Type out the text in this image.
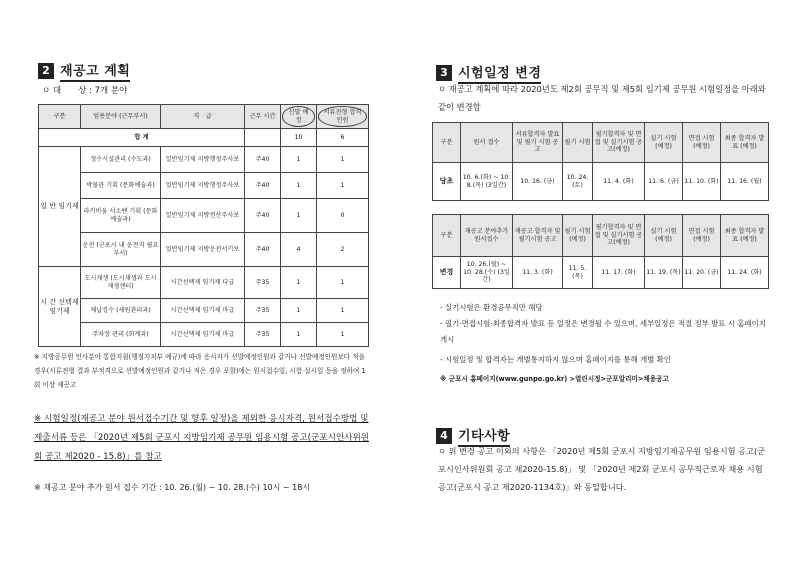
2 재공고 계획
ㅇ 대　　상 : 7개 분야
구분	임용분야 (근무부서)	직　급	근무 시간	선발 예정	서류전형 합격인원
합 계				10	6
일 반 임기제	정수시설관리 (수도과)	일반임기제 지방행정주사보	주40	1	1
	박물관 기획 (문화예술과)	일반임기제 지방행정주사보	주40	1	1
	라키비움 서소벤 기획 (문화예술과)	일반임기제 지방전산주사보	주40	1	0
	운전 (군포시 내 운전직 필요부서)	일반임기제 지방운전서기보	주40	4	2
시 간 선택제 임기제	도시재생 (도시재생과 도시재생센터)	시간선택제 임기제 다급	주35	1	1
	체납징수 (세원관리과)	시간선택제 임기제 마급	주35	1	1
	주차장 관리 (회계과)	시간선택제 임기제 마급	주35	1	1
※ 지방공무원 인사분야 통합지침(행정지치부 예규)에 따라 응시자가 선발예정인원과 같거나 선발예정인원보다 적을 경우(서류전형 결과 부적격으로 선발예정인원과 같거나 적은 경우 포함)에는 원서접수일, 시험 실시일 등을 정하여 1회 이상 재공고
※ 시험일정(재공고 분야 원서접수기간 및 향후 일정)을 제외한 응시자격, 원서접수방법 및 제출서류 등은 「2020년 제5회 군포시 지방임기제 공무원 임용시험 공고(군포시인사위원회 공고 제2020 - 15.8)」를 참고
※ 재공고 분야 추가 원서 접수 기간 : 10. 26.(월) ~ 10. 28.(수) 10시 ~ 18시
3 시험일정 변경
ㅇ 재공고 계획에 따라 2020년도 제2회 공무직 및 제5회 임기제 공무원 시험일정을 아래와 같이 변경함
구분	원서 접수	서류합격자 발표 및 필기 시험 공고	필기 시험	필기합격자 및 면접 및 실기시험 공고(예정)	실기 시험 (예정)	면접 시험 (예정)	최종 합격자 발표 (예정)
당초	10. 6.(화) ~ 10. 8.(목) (3일간)	10. 16. (금)	10. 24. (토)	11. 4. (화)	11. 6. (금)	11. 10. (화)	11. 16. (월)
구분	재공고 분야추가 원서접수	재공고 합격자 및 필기시험 공고	필기 시험 (예정)	필기합격자 및 면접 및 실기시험 공고(예정)	실기 시험 (예정)	면접 시험 (예정)	최종 합격자 발표 (예정)
변경	10. 26.(월) ~ 10. 28.(수) (3일간)	11. 3. (화)	11. 5. (목)	11. 17. (화)	11. 19. (목)	11. 20. (금)	11. 24. (화)
- 실기시험은 환경공무직만 해당
- 필기·면접시험·최종합격자 발표 등 일정은 변경될 수 있으며, 세부일정은 적절 정부 발표 시 홈페이지 게시
- 시험일정 및 합격자는 개별통지하지 않으며 홈페이지를 통해 개별 확인
※ 군포시 홈페이지(www.gunpo.go.kr) >열린시정>군포알리미>채용공고
4 기타사항
ㅇ 위 변경 공고 이외의 사항은 「2020년 제5회 군포시 지방임기제공무원 임용시험 공고(군포시인사위원회 공고 제2020-15.8)」 및 「2020년 제2회 군포시 공무직근로자 채용 시험 공고(군포시 공고 제2020-1134호)」와 동일합니다.
